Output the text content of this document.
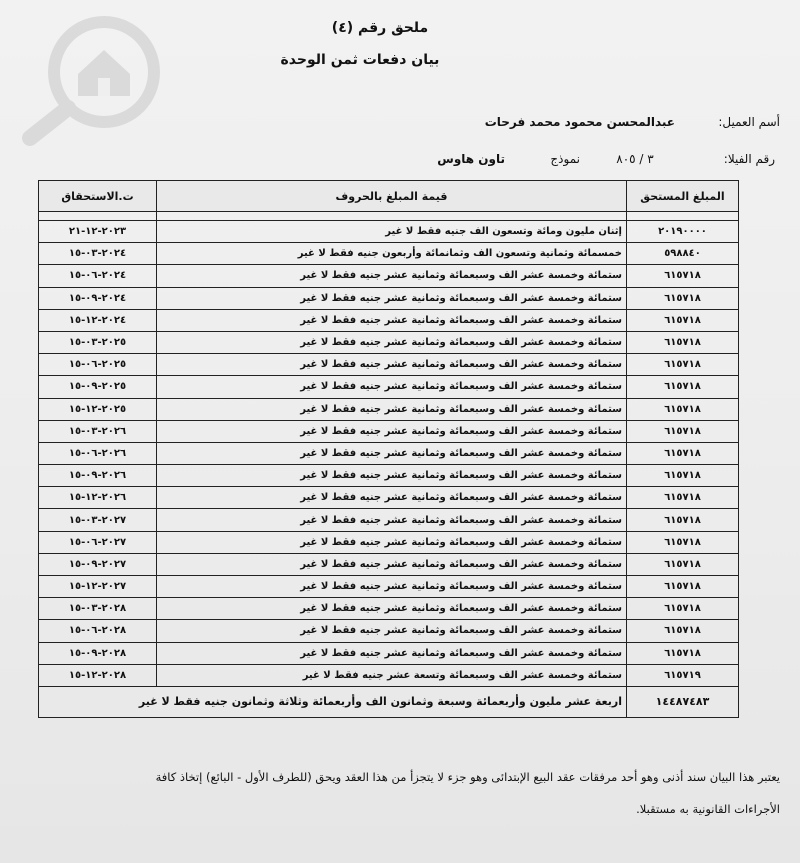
ملحق رقم (٤)
بيان دفعات ثمن الوحدة
أسم العميل:
عبدالمحسن محمود محمد فرحات
رقم الفيلا:
٣ / ٨٠٥
نموذج
تاون هاوس
المبلغ المستحق	قيمة المبلغ بالحروف	ت.الاستحقاق

٢٠١٩٠٠٠٠	إثنان مليون ومائة وتسعون الف جنيه فقط لا غير	٢٠٢٣-١٢-٢١
٥٩٨٨٤٠	خمسمائة وثمانية وتسعون الف وثمانمائة وأربعون جنيه فقط لا غير	٢٠٢٤-٠٣-١٥
٦١٥٧١٨	ستمائة وخمسة عشر الف وسبعمائة وثمانية عشر جنيه فقط لا غير	٢٠٢٤-٠٦-١٥
٦١٥٧١٨	ستمائة وخمسة عشر الف وسبعمائة وثمانية عشر جنيه فقط لا غير	٢٠٢٤-٠٩-١٥
٦١٥٧١٨	ستمائة وخمسة عشر الف وسبعمائة وثمانية عشر جنيه فقط لا غير	٢٠٢٤-١٢-١٥
٦١٥٧١٨	ستمائة وخمسة عشر الف وسبعمائة وثمانية عشر جنيه فقط لا غير	٢٠٢٥-٠٣-١٥
٦١٥٧١٨	ستمائة وخمسة عشر الف وسبعمائة وثمانية عشر جنيه فقط لا غير	٢٠٢٥-٠٦-١٥
٦١٥٧١٨	ستمائة وخمسة عشر الف وسبعمائة وثمانية عشر جنيه فقط لا غير	٢٠٢٥-٠٩-١٥
٦١٥٧١٨	ستمائة وخمسة عشر الف وسبعمائة وثمانية عشر جنيه فقط لا غير	٢٠٢٥-١٢-١٥
٦١٥٧١٨	ستمائة وخمسة عشر الف وسبعمائة وثمانية عشر جنيه فقط لا غير	٢٠٢٦-٠٣-١٥
٦١٥٧١٨	ستمائة وخمسة عشر الف وسبعمائة وثمانية عشر جنيه فقط لا غير	٢٠٢٦-٠٦-١٥
٦١٥٧١٨	ستمائة وخمسة عشر الف وسبعمائة وثمانية عشر جنيه فقط لا غير	٢٠٢٦-٠٩-١٥
٦١٥٧١٨	ستمائة وخمسة عشر الف وسبعمائة وثمانية عشر جنيه فقط لا غير	٢٠٢٦-١٢-١٥
٦١٥٧١٨	ستمائة وخمسة عشر الف وسبعمائة وثمانية عشر جنيه فقط لا غير	٢٠٢٧-٠٣-١٥
٦١٥٧١٨	ستمائة وخمسة عشر الف وسبعمائة وثمانية عشر جنيه فقط لا غير	٢٠٢٧-٠٦-١٥
٦١٥٧١٨	ستمائة وخمسة عشر الف وسبعمائة وثمانية عشر جنيه فقط لا غير	٢٠٢٧-٠٩-١٥
٦١٥٧١٨	ستمائة وخمسة عشر الف وسبعمائة وثمانية عشر جنيه فقط لا غير	٢٠٢٧-١٢-١٥
٦١٥٧١٨	ستمائة وخمسة عشر الف وسبعمائة وثمانية عشر جنيه فقط لا غير	٢٠٢٨-٠٣-١٥
٦١٥٧١٨	ستمائة وخمسة عشر الف وسبعمائة وثمانية عشر جنيه فقط لا غير	٢٠٢٨-٠٦-١٥
٦١٥٧١٨	ستمائة وخمسة عشر الف وسبعمائة وثمانية عشر جنيه فقط لا غير	٢٠٢٨-٠٩-١٥
٦١٥٧١٩	ستمائة وخمسة عشر الف وسبعمائة وتسعة عشر جنيه فقط لا غير	٢٠٢٨-١٢-١٥
١٤٤٨٧٤٨٣	اربعة عشر مليون وأربعمائة وسبعة وثمانون الف وأربعمائة وثلاثة وثمانون جنيه فقط لا غير	
يعتبر هذا البيان سند أذنى وهو أحد مرفقات عقد البيع الإبتدائى وهو جزء لا يتجزأ من هذا العقد ويحق (للطرف الأول - البائع) إتخاذ كافة
الأجراءات القانونية به مستقبلا.
